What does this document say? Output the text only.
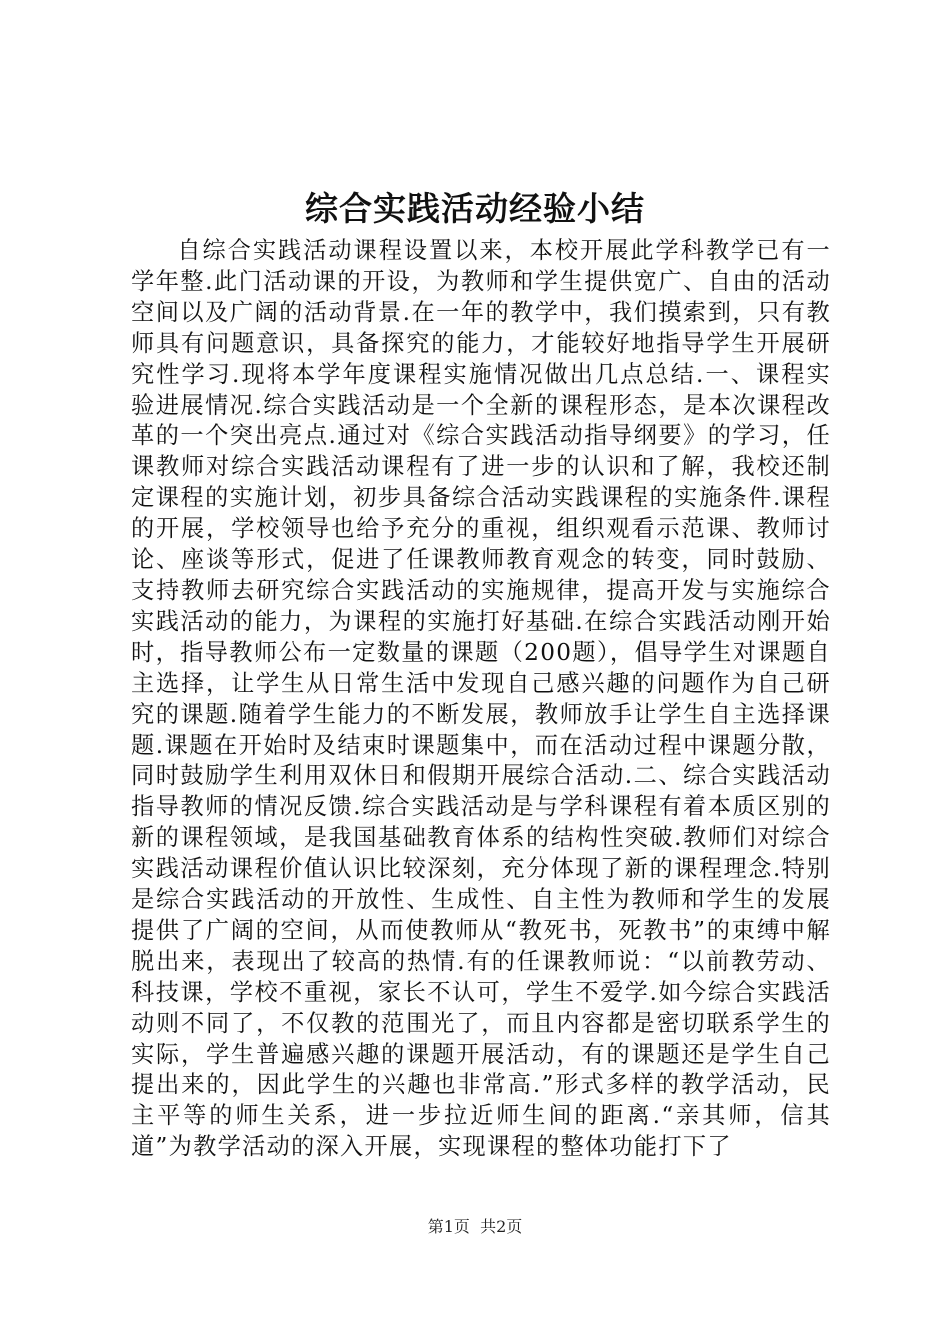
综合实践活动经验小结

自综合实践活动课程设置以来，本校开展此学科教学已有一学年整.此门活动课的开设，为教师和学生提供宽广、自由的活动空间以及广阔的活动背景.在一年的教学中，我们摸索到，只有教师具有问题意识，具备探究的能力，才能较好地指导学生开展研究性学习.现将本学年度课程实施情况做出几点总结.一、课程实验进展情况.综合实践活动是一个全新的课程形态，是本次课程改革的一个突出亮点.通过对《综合实践活动指导纲要》的学习，任课教师对综合实践活动课程有了进一步的认识和了解，我校还制定课程的实施计划，初步具备综合活动实践课程的实施条件.课程的开展，学校领导也给予充分的重视，组织观看示范课、教师讨论、座谈等形式，促进了任课教师教育观念的转变，同时鼓励、支持教师去研究综合实践活动的实施规律，提高开发与实施综合实践活动的能力，为课程的实施打好基础.在综合实践活动刚开始时，指导教师公布一定数量的课题（200题），倡导学生对课题自主选择，让学生从日常生活中发现自己感兴趣的问题作为自己研究的课题.随着学生能力的不断发展，教师放手让学生自主选择课题.课题在开始时及结束时课题集中，而在活动过程中课题分散，同时鼓励学生利用双休日和假期开展综合活动.二、综合实践活动指导教师的情况反馈.综合实践活动是与学科课程有着本质区别的新的课程领域，是我国基础教育体系的结构性突破.教师们对综合实践活动课程价值认识比较深刻，充分体现了新的课程理念.特别是综合实践活动的开放性、生成性、自主性为教师和学生的发展提供了广阔的空间，从而使教师从“教死书，死教书”的束缚中解脱出来，表现出了较高的热情.有的任课教师说：“以前教劳动、科技课，学校不重视，家长不认可，学生不爱学.如今综合实践活动则不同了，不仅教的范围光了，而且内容都是密切联系学生的实际，学生普遍感兴趣的课题开展活动，有的课题还是学生自己提出来的，因此学生的兴趣也非常高.”形式多样的教学活动，民主平等的师生关系，进一步拉近师生间的距离.“亲其师，信其道”为教学活动的深入开展，实现课程的整体功能打下了

第1页 共2页
